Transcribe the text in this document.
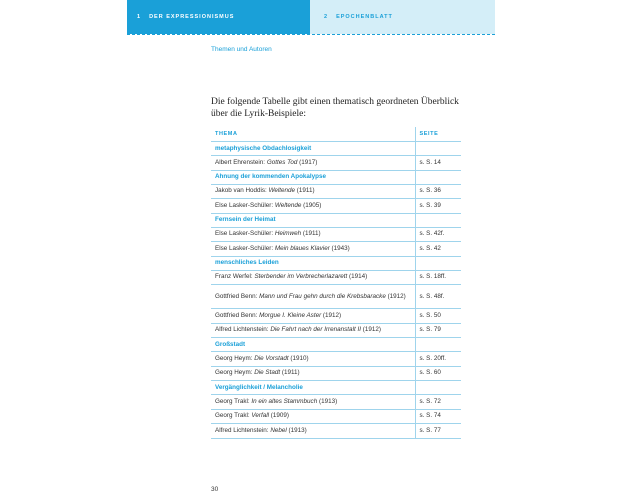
1 DER EXPRESSIONISMUS	2 EPOCHENBLATT
Themen und Autoren
Die folgende Tabelle gibt einen thematisch geordneten Überblick über die Lyrik-Beispiele:
THEMA	SEITE
metaphysische Obdachlosigkeit	
Albert Ehrenstein: Gottes Tod (1917)	s. S. 14
Ahnung der kommenden Apokalypse	
Jakob van Hoddis: Weltende (1911)	s. S. 36
Else Lasker-Schüler: Weltende (1905)	s. S. 39
Fernsein der Heimat	
Else Lasker-Schüler: Heimweh (1911)	s. S. 42f.
Else Lasker-Schüler: Mein blaues Klavier (1943)	s. S. 42
menschliches Leiden	
Franz Werfel: Sterbender im Verbrecherlazarett (1914)	s. S. 18ff.
Gottfried Benn: Mann und Frau gehn durch die Krebsbaracke (1912)	s. S. 48f.
Gottfried Benn: Morgue I. Kleine Aster (1912)	s. S. 50
Alfred Lichtenstein: Die Fahrt nach der Irrenanstalt II (1912)	s. S. 79
Großstadt	
Georg Heym: Die Vorstadt (1910)	s. S. 20ff.
Georg Heym: Die Stadt (1911)	s. S. 60
Vergänglichkeit / Melancholie	
Georg Trakl: In ein altes Stammbuch (1913)	s. S. 72
Georg Trakl: Verfall (1909)	s. S. 74
Alfred Lichtenstein: Nebel (1913)	s. S. 77
30
